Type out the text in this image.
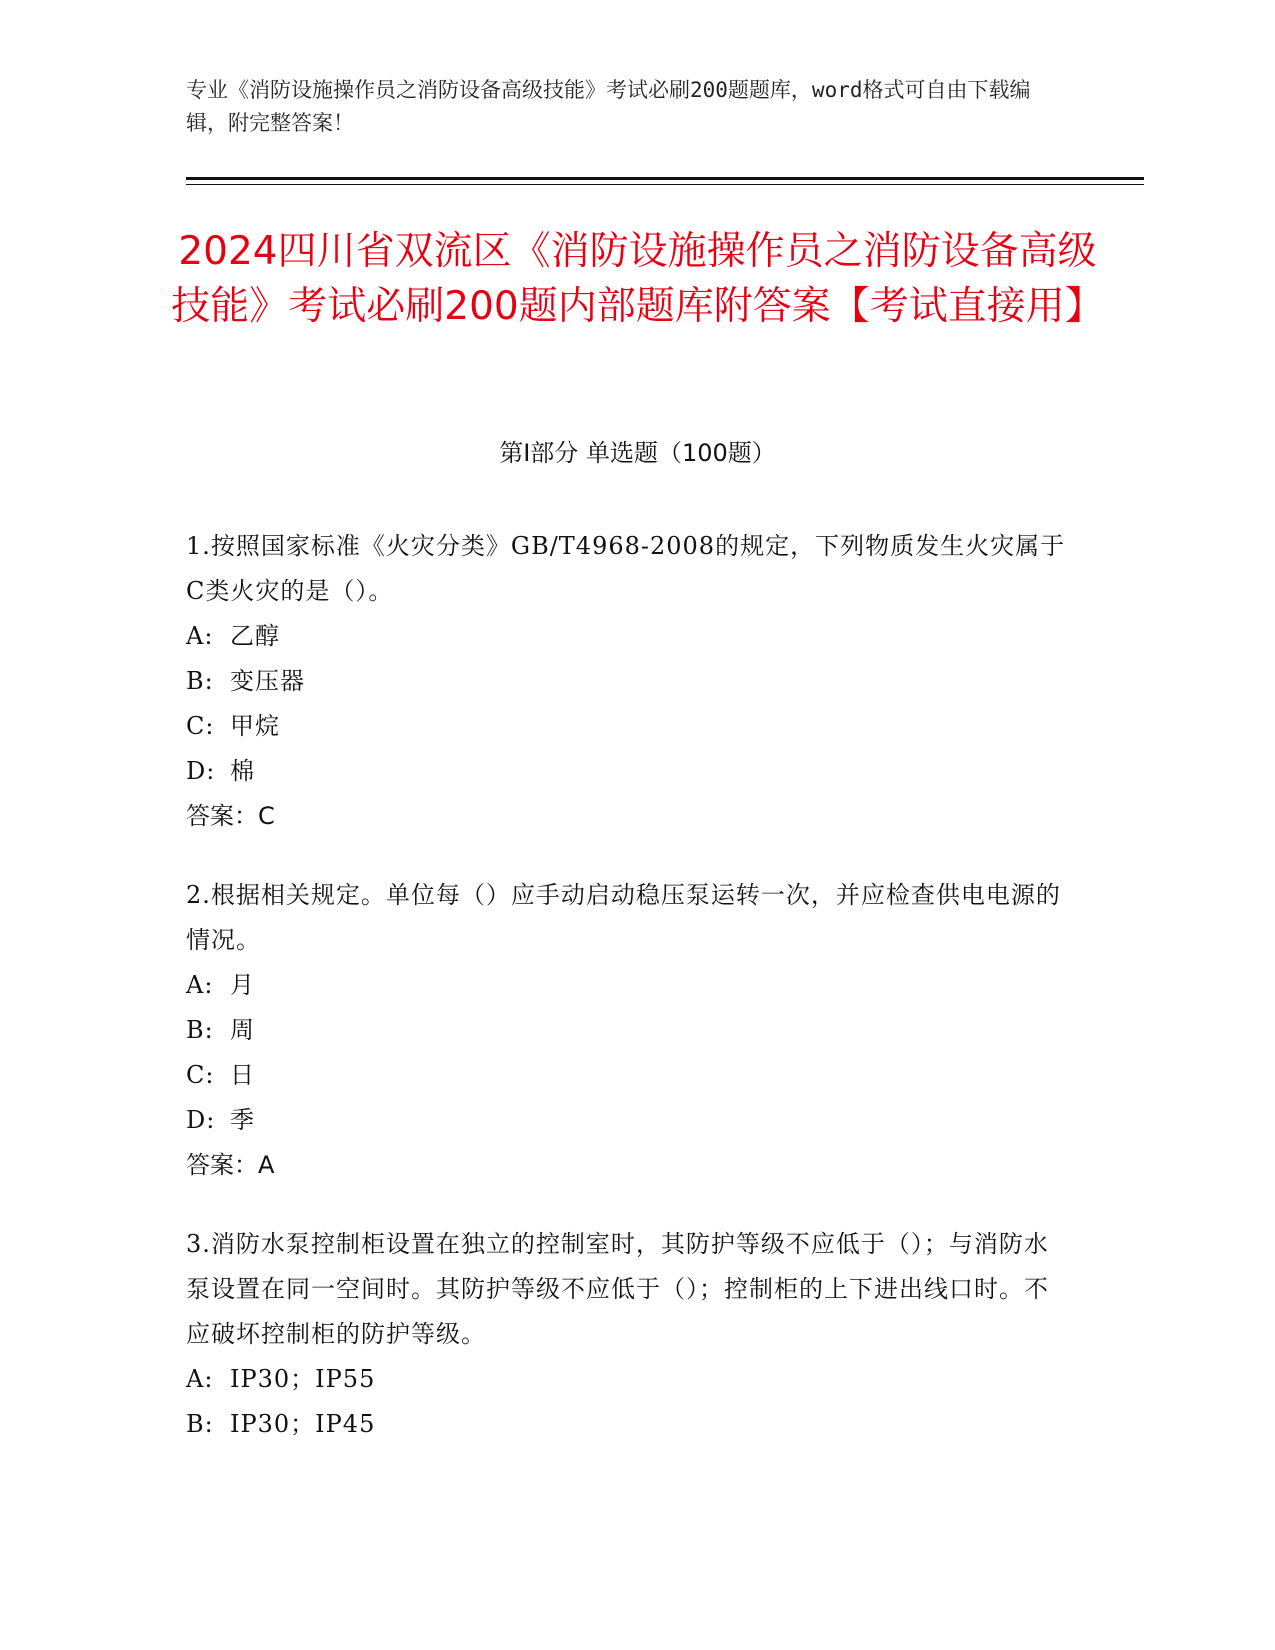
专业《消防设施操作员之消防设备高级技能》考试必刷200题题库，word格式可自由下载编辑，附完整答案！
2024四川省双流区《消防设施操作员之消防设备高级技能》考试必刷200题内部题库附答案【考试直接用】
第Ⅰ部分 单选题（100题）

1.按照国家标准《火灾分类》GB/T4968-2008的规定，下列物质发生火灾属于C类火灾的是（）。

A: 乙醇

B: 变压器

C: 甲烷

D: 棉

答案：C

2.根据相关规定。单位每（）应手动启动稳压泵运转一次，并应检查供电电源的情况。

A: 月

B: 周

C: 日

D: 季

答案：A

3.消防水泵控制柜设置在独立的控制室时，其防护等级不应低于（）；与消防水泵设置在同一空间时。其防护等级不应低于（）；控制柜的上下进出线口时。不应破坏控制柜的防护等级。

A: IP30；IP55

B: IP30；IP45
